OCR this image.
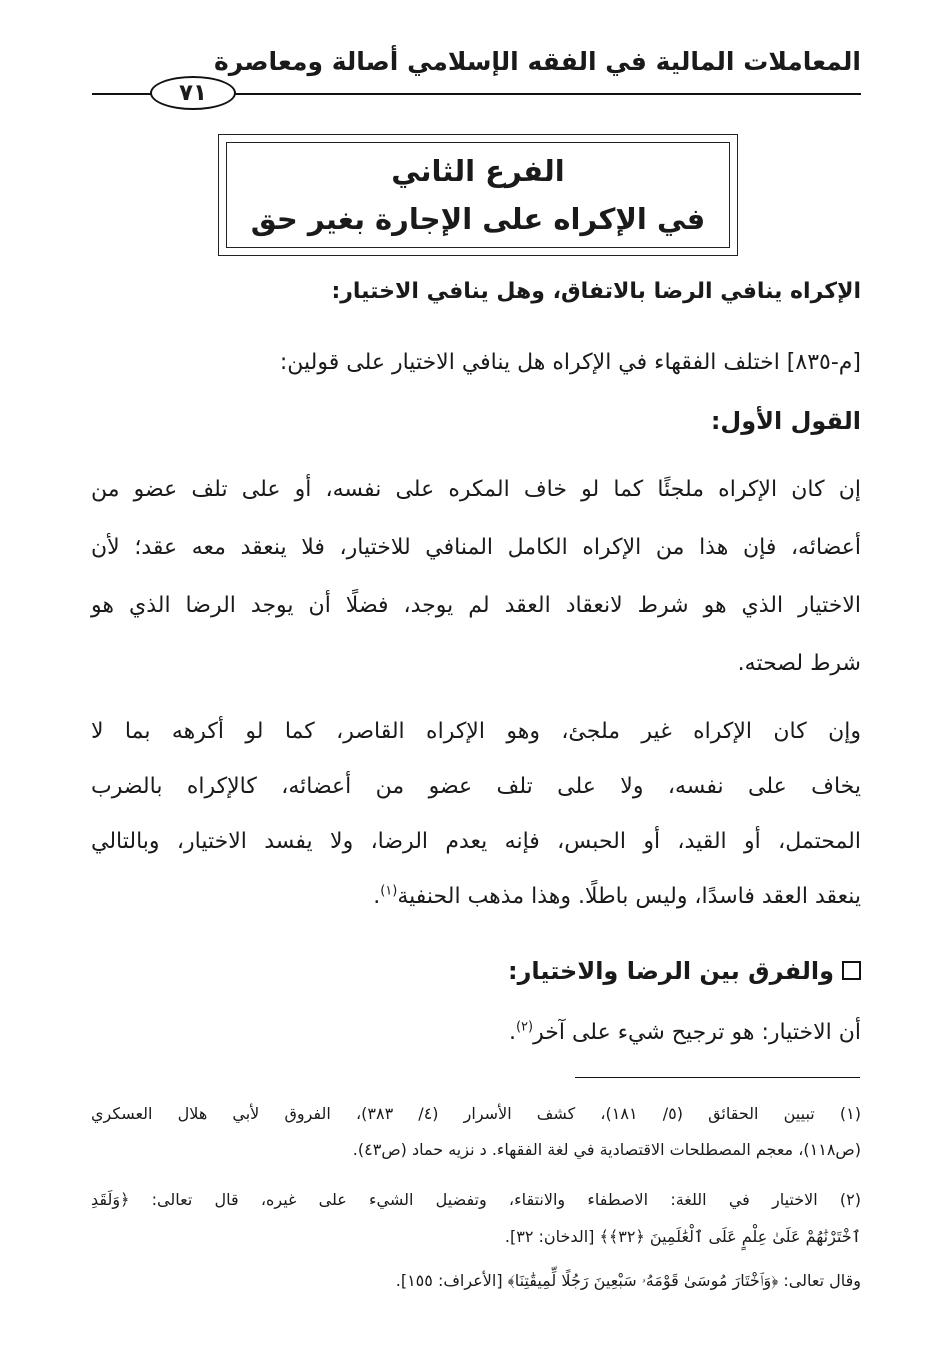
المعاملات المالية في الفقه الإسلامي أصالة ومعاصرة
٧١
الفرع الثاني
في الإكراه على الإجارة بغير حق
الإكراه ينافي الرضا بالاتفاق، وهل ينافي الاختيار:
[م-٨٣٥] اختلف الفقهاء في الإكراه هل ينافي الاختيار على قولين:
القول الأول:
إن كان الإكراه ملجئًا كما لو خاف المكره على نفسه، أو على تلف عضو من
أعضائه، فإن هذا من الإكراه الكامل المنافي للاختيار، فلا ينعقد معه عقد؛ لأن
الاختيار الذي هو شرط لانعقاد العقد لم يوجد، فضلًا أن يوجد الرضا الذي هو
شرط لصحته.
وإن كان الإكراه غير ملجئ، وهو الإكراه القاصر، كما لو أكرهه بما لا
يخاف على نفسه، ولا على تلف عضو من أعضائه، كالإكراه بالضرب
المحتمل، أو القيد، أو الحبس، فإنه يعدم الرضا، ولا يفسد الاختيار، وبالتالي
ينعقد العقد فاسدًا، وليس باطلًا. وهذا مذهب الحنفية$^{(١)}$.
والفرق بين الرضا والاختيار:
أن الاختيار: هو ترجيح شيء على آخر$^{(٢)}$.
(١) تبيين الحقائق (٥/ ١٨١)، كشف الأسرار (٤/ ٣٨٣)، الفروق لأبي هلال العسكري
(ص١١٨)، معجم المصطلحات الاقتصادية في لغة الفقهاء. د نزيه حماد (ص٤٣).
(٢) الاختيار في اللغة: الاصطفاء والانتقاء، وتفضيل الشيء على غيره، قال تعالى: ﴿وَلَقَدِ
ٱخْتَرْنَٰهُمْ عَلَىٰ عِلْمٍ عَلَى ٱلْعَٰلَمِينَ ﴿٣٢﴾﴾ [الدخان: ٣٢].
وقال تعالى: ﴿وَٱخْتَارَ مُوسَىٰ قَوْمَهُۥ سَبْعِينَ رَجُلًا لِّمِيقَٰتِنَا﴾ [الأعراف: ١٥٥].
